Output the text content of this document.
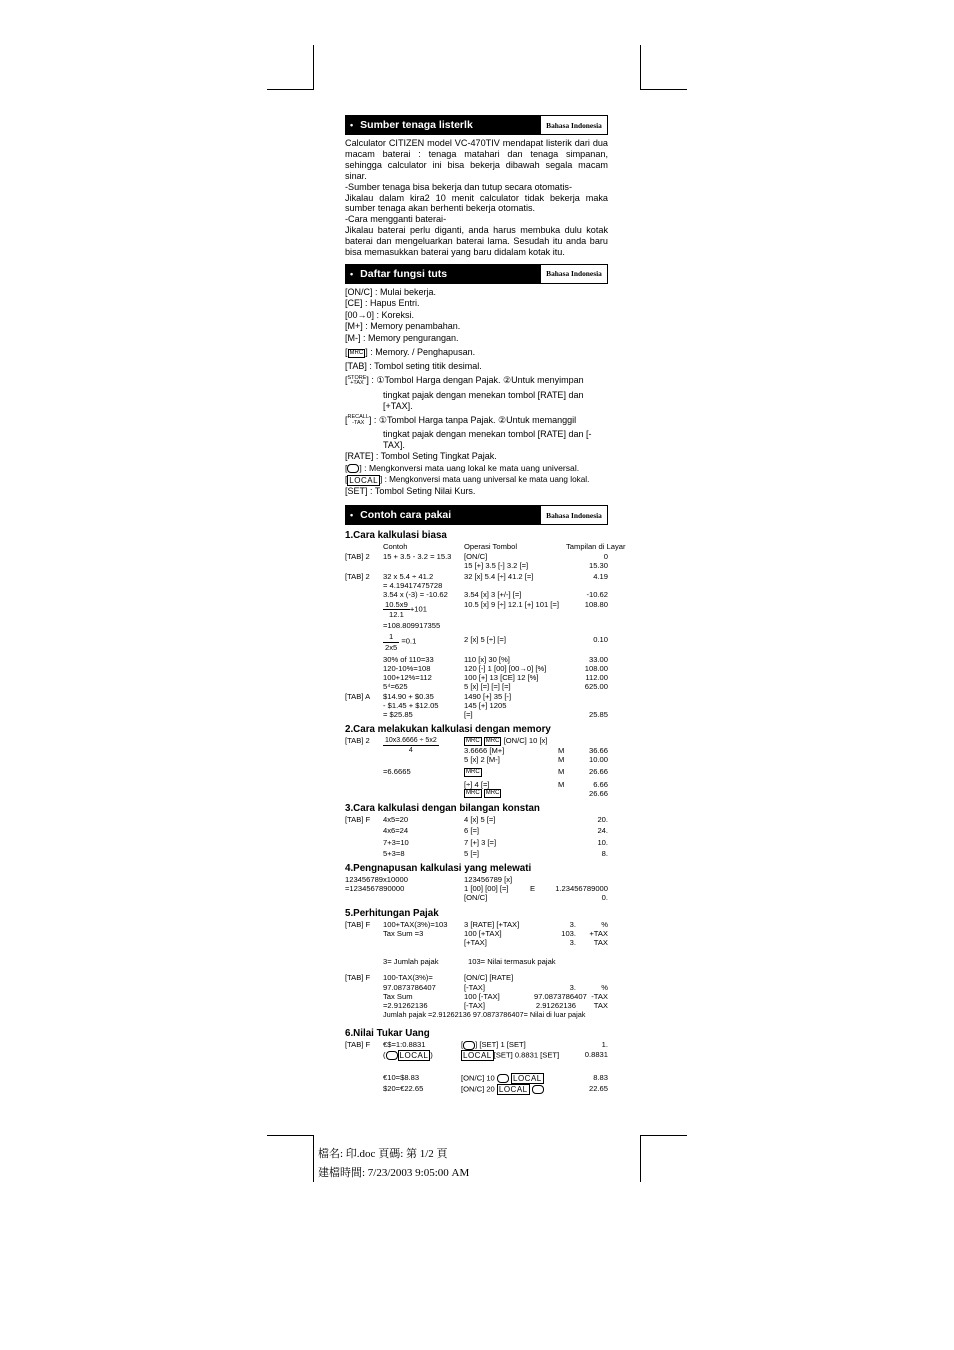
• Sumber tenaga listerlk	Bahasa Indonesia

Calculator CITIZEN model VC-470TIV mendapat listerik dari dua macam baterai : tenaga matahari dan tenaga simpanan, sehingga calculator ini bisa bekerja dibawah segala macam sinar.

-Sumber tenaga bisa bekerja dan tutup secara otomatis-

Jikalau dalam kira2 10 menit calculator tidak bekerja maka sumber tenaga akan berhenti bekerja otomatis.

-Cara mengganti baterai-

Jikalau baterai perlu diganti, anda harus membuka dulu kotak baterai dan mengeluarkan baterai lama. Sesudah itu anda baru bisa memasukkan baterai yang baru didalam kotak itu.

• Daftar fungsi tuts	Bahasa Indonesia
[ON/C] : Mulai bekerja.
[CE] : Hapus Entri.
[00→0] : Koreksi.
[M+] : Memory penambahan.
[M-] : Memory pengurangan.
[ MRC ] : Memory. / Penghapusan.
[TAB] : Tombol seting titik desimal.
[STORE
+TAX ] : ①Tombol Harga dengan Pajak. ②Untuk menyimpan
tingkat pajak dengan menekan tombol [RATE] dan [+TAX].
[RECALL
-TAX ] : ①Tombol Harga tanpa Pajak. ②Untuk memanggil
tingkat pajak dengan menekan tombol [RATE] dan [-TAX].
[RATE] : Tombol Seting Tingkat Pajak.
[ ] : Mengkonversi mata uang lokal ke mata uang universal.
[ LOCAL ] : Mengkonversi mata uang universal ke mata uang lokal.
[SET] : Tombol Seting Nilai Kurs.
• Contoh cara pakai	Bahasa Indonesia
1.Cara kalkulasi biasa
	Contoh	Operasi Tombol	Tampilan di Layar
[TAB] 2	15 + 3.5 - 3.2 = 15.3	[ON/C]	0
		15 [+] 3.5 [-] 3.2 [=]	15.30
[TAB] 2	32 x 5.4 ÷ 41.2	32 [x] 5.4 [÷] 41.2 [=]	4.19
	= 4.19417475728		
	3.54 x (-3) = -10.62	3.54 [x] 3 [+/-] [=]	-10.62

	$\frac{10.5x9}{12.1} +101$	10.5 [x] 9 [÷] 12.1 [+] 101 [=]	108.80
	=108.809917355		

	$\frac{1}{2x5} =0.1$	2 [x] 5 [÷] [=]	0.10
	30% of 110=33	110 [x] 30 [%]	33.00
	120-10%=108	120 [-] 1 [00] [00→0] [%]	108.00
	100+12%=112	100 [+] 13 [CE] 12 [%]	112.00
	5⁴=625	5 [x] [=] [=] [=]	625.00
[TAB] A	$14.90 + $0.35	1490 [+] 35 [-]	
	- $1.45 + $12.05	145 [+] 1205	
	= $25.85	[=]	25.85
2.Cara melakukan kalkulasi dengan memory
[TAB] 2	$\frac{10x3.6666 \div 5x2}{4}$	MRC MRC [ON/C] 10 [x]		
		3.6666 [M+]	M	36.66
		5 [x] 2 [M-]	M	10.00
	=6.6665	MRC	M	26.66
		[÷] 4 [=]	M	6.66
		MRC MRC		26.66
3.Cara kalkulasi dengan bilangan konstan
[TAB] F	4x5=20	4 [x] 5 [=]	20.
	4x6=24	6 [=]	24.
	7+3=10	7 [+] 3 [=]	10.
	5+3=8	5 [=]	8.
4.Pengnapusan kalkulasi yang melewati
123456789x10000	123456789 [x]		
=1234567890000	1 [00] [00] [=]	E	1.23456789000
	[ON/C]		0.
5.Perhitungan Pajak
[TAB] F	100+TAX(3%)=103	3 [RATE] [+TAX]	3.	%
	Tax Sum =3	100 [+TAX]	103.	+TAX
		[+TAX]	3.	TAX
	3= Jumlah pajak	103= Nilai termasuk pajak		
[TAB] F	100-TAX(3%)=	[ON/C] [RATE]		
	97.0873786407	[-TAX]	3.	%
	Tax Sum	100 [-TAX]	97.0873786407	-TAX
	=2.91262136	[-TAX]	2.91262136	TAX
	Jumlah pajak =2.91262136 97.0873786407= Nilai di luar pajak			
6.Nilai Tukar Uang
[TAB] F	€$=1:0.8831	[ ] [SET] 1 [SET]	1.
	( LOCAL )	LOCAL [SET] 0.8831 [SET]	0.8831
	€10=$8.83	[ON/C] 10  LOCAL	8.83
	$20=€22.65	[ON/C] 20 LOCAL	22.65
檔名: 印.doc 頁碼: 第 1/2 頁
建檔時間: 7/23/2003 9:05:00 AM
